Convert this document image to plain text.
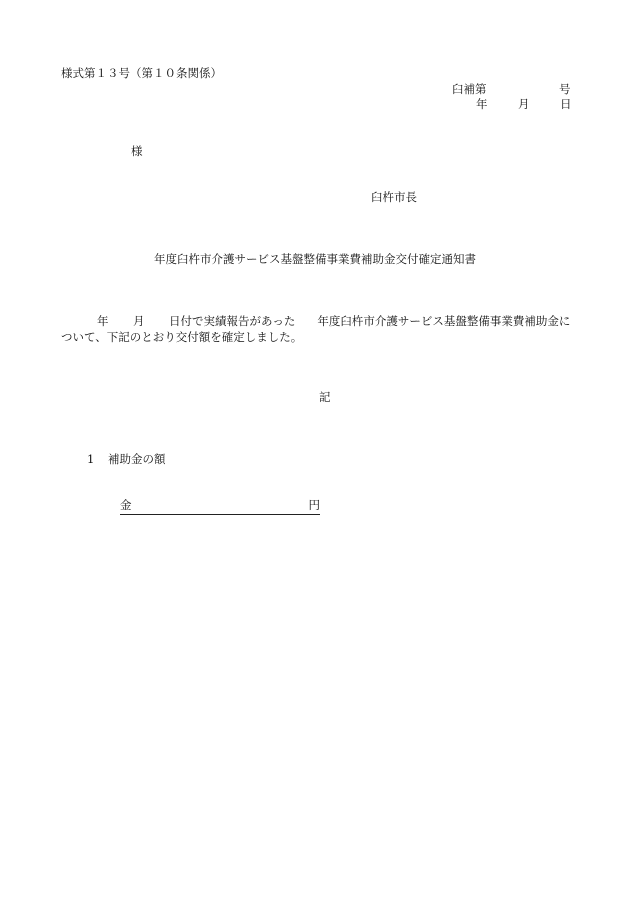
様式第１３号（第１０条関係）
臼補第	号
年	月	日
様
臼杵市長
年度臼杵市介護サービス基盤整備事業費補助金交付確定通知書
年 月 日付で実績報告があった 年度臼杵市介護サービス基盤整備事業費補助金に
ついて、下記のとおり交付額を確定しました。
記
1 補助金の額
金	円
